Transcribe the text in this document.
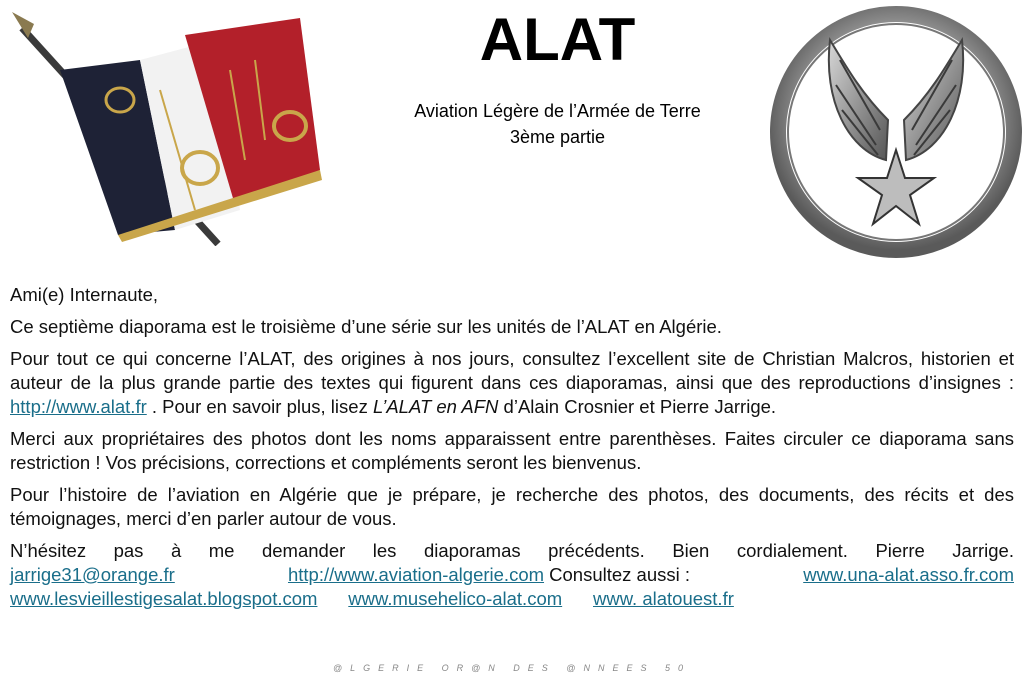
ALAT
Aviation Légère de l’Armée de Terre
3ème partie

Ami(e) Internaute,

Ce septième diaporama est le troisième d’une série sur les unités de l’ALAT en Algérie.

Pour tout ce qui concerne l’ALAT, des origines à nos jours, consultez l’excellent site de Christian Malcros, historien et auteur de la plus grande partie des textes qui figurent dans ces diaporamas, ainsi que des reproductions d’insignes : http://www.alat.fr . Pour en savoir plus, lisez L’ALAT en AFN d’Alain Crosnier et Pierre Jarrige.

Merci aux propriétaires des photos dont les noms apparaissent entre parenthèses. Faites circuler ce diaporama sans restriction ! Vos précisions, corrections et compléments seront les bienvenus.

Pour l’histoire de l’aviation en Algérie que je prépare, je recherche des photos, des documents, des récits et des témoignages, merci d’en parler autour de vous.

N’hésitez pas à me demander les diaporamas précédents. Bien cordialement. Pierre Jarrige.
jarrige31@orange.fr	http://www.aviation-algerie.com Consultez aussi :	www.una-alat.asso.fr.com
www.lesvieillestigesalat.blogspot.com www.musehelico-alat.com www. alatouest.fr
@LGERIE OR@N DES @NNEES 50
